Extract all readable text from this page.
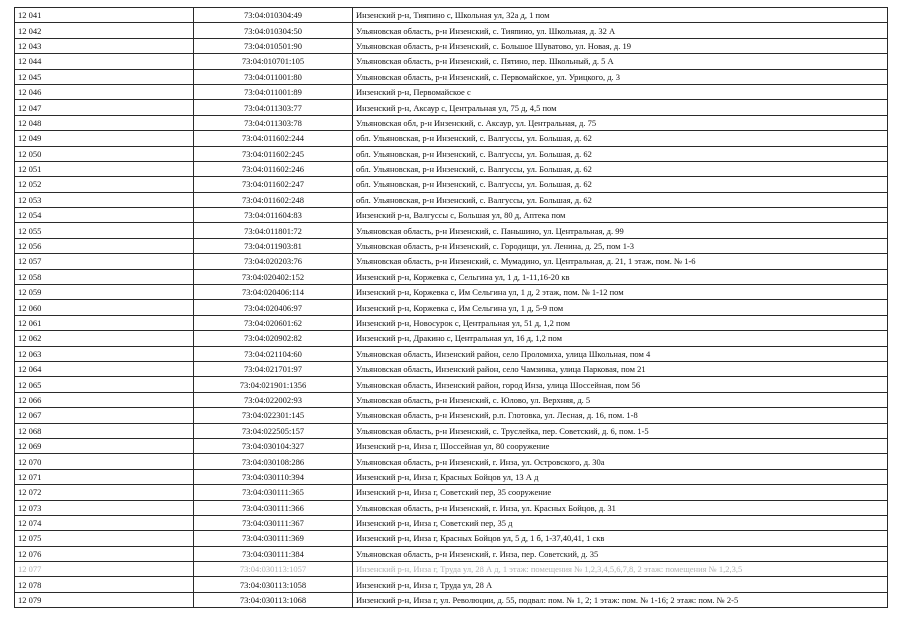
12 041	73:04:010304:49	Инзенский р-н, Тияпино с, Школьная ул, 32а д, 1 пом
12 042	73:04:010304:50	Ульяновская область, р-н Инзенский, с. Тияпино, ул. Школьная, д. 32 А
12 043	73:04:010501:90	Ульяновская область, р-н Инзенский, с. Большое Шуватово, ул. Новая, д. 19
12 044	73:04:010701:105	Ульяновская область, р-н Инзенский, с. Пятино, пер. Школьный, д. 5 А
12 045	73:04:011001:80	Ульяновская область, р-н Инзенский, с. Первомайское, ул. Урицкого, д. 3
12 046	73:04:011001:89	Инзенский р-н, Первомайское с
12 047	73:04:011303:77	Инзенский р-н, Аксаур с, Центральная ул, 75 д, 4,5 пом
12 048	73:04:011303:78	Ульяновская обл, р-н Инзенский, с. Аксаур, ул. Центральная, д. 75
12 049	73:04:011602:244	обл. Ульяновская, р-н Инзенский, с. Валгуссы, ул. Большая, д. 62
12 050	73:04:011602:245	обл. Ульяновская, р-н Инзенский, с. Валгуссы, ул. Большая, д. 62
12 051	73:04:011602:246	обл. Ульяновская, р-н Инзенский, с. Валгуссы, ул. Большая, д. 62
12 052	73:04:011602:247	обл. Ульяновская, р-н Инзенский, с. Валгуссы, ул. Большая, д. 62
12 053	73:04:011602:248	обл. Ульяновская, р-н Инзенский, с. Валгуссы, ул. Большая, д. 62
12 054	73:04:011604:83	Инзенский р-н, Валгуссы с, Большая ул, 80 д, Аптека пом
12 055	73:04:011801:72	Ульяновская область, р-н Инзенский, с. Паньшино, ул. Центральная, д. 99
12 056	73:04:011903:81	Ульяновская область, р-н Инзенский, с. Городищи, ул. Ленина, д. 25, пом 1-3
12 057	73:04:020203:76	Ульяновская область, р-н Инзенский, с. Мумадино, ул. Центральная, д. 21, 1 этаж, пом. № 1-6
12 058	73:04:020402:152	Инзенский р-н, Коржевка с, Сельгина ул, 1 д, 1-11,16-20 кв
12 059	73:04:020406:114	Инзенский р-н, Коржевка с, Им Сельгина ул, 1 д, 2 этаж, пом. № 1-12 пом
12 060	73:04:020406:97	Инзенский р-н, Коржевка с, Им Сельгина ул, 1 д, 5-9 пом
12 061	73:04:020601:62	Инзенский р-н, Новосурок с, Центральная ул, 51 д, 1,2 пом
12 062	73:04:020902:82	Инзенский р-н, Дракино с, Центральная ул, 16 д, 1,2 пом
12 063	73:04:021104:60	Ульяновская область, Инзенский район, село Проломиха, улица Школьная, пом 4
12 064	73:04:021701:97	Ульяновская область, Инзенский район, село Чамзинка, улица Парковая, пом 21
12 065	73:04:021901:1356	Ульяновская область, Инзенский район, город Инза, улица Шоссейная, пом 56
12 066	73:04:022002:93	Ульяновская область, р-н Инзенский, с. Юлово, ул. Верхняя, д. 5
12 067	73:04:022301:145	Ульяновская область, р-н Инзенский, р.п. Глотовка, ул. Лесная, д. 16, пом. 1-8
12 068	73:04:022505:157	Ульяновская область, р-н Инзенский, с. Труслейка, пер. Советский, д. 6, пом. 1-5
12 069	73:04:030104:327	Инзенский р-н, Инза г, Шоссейная ул, 80 сооружение
12 070	73:04:030108:286	Ульяновская область, р-н Инзенский, г. Инза, ул. Островского, д. 30а
12 071	73:04:030110:394	Инзенский р-н, Инза г, Красных Бойцов ул, 13 А д
12 072	73:04:030111:365	Инзенский р-н, Инза г, Советский пер, 35 сооружение
12 073	73:04:030111:366	Ульяновская область, р-н Инзенский, г. Инза, ул. Красных Бойцов, д. 31
12 074	73:04:030111:367	Инзенский р-н, Инза г, Советский пер, 35 д
12 075	73:04:030111:369	Инзенский р-н, Инза г, Красных Бойцов ул, 5 д, 1 б, 1-37,40,41, 1 скв
12 076	73:04:030111:384	Ульяновская область, р-н Инзенский, г. Инза, пер. Советский, д. 35
12 077	73:04:030113:1057	Инзенский р-н, Инза г, Труда ул, 28 А д, 1 этаж: помещения № 1,2,3,4,5,6,7,8, 2 этаж: помещения № 1,2,3,5
12 078	73:04:030113:1058	Инзенский р-н, Инза г, Труда ул, 28 А
12 079	73:04:030113:1068	Инзенский р-н, Инза г, ул. Революции, д. 55, подвал: пом. № 1, 2; 1 этаж: пом. № 1-16; 2 этаж: пом. № 2-5
